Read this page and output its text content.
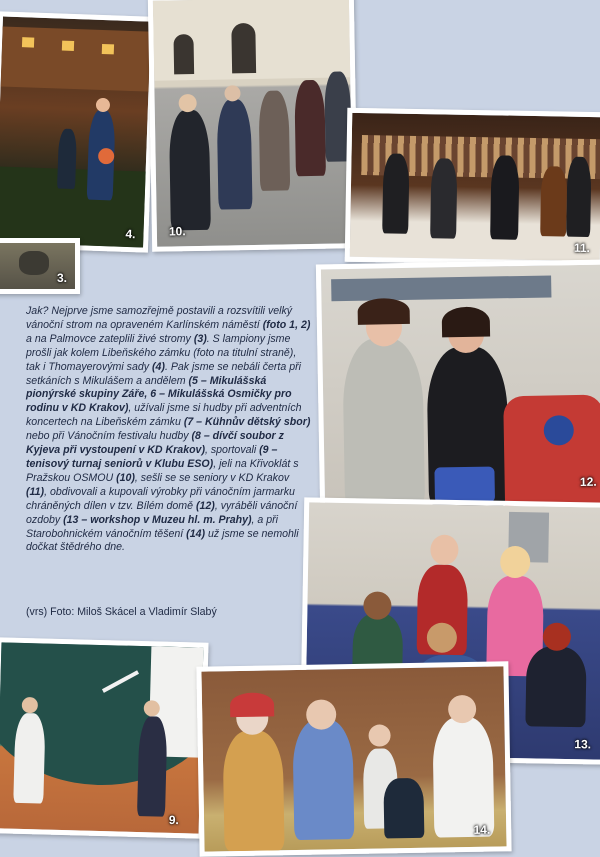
4.
3.
10.
11.
12.
13.
9.
14.

Jak? Nejprve jsme samozřejmě postavili a rozsvítili velký vánoční strom na opraveném Karlínském náměstí (foto 1, 2) a na Palmovce zateplili živé stromy (3). S lampiony jsme prošli jak kolem Libeňského zámku (foto na titulní straně), tak i Thomayerovými sady (4). Pak jsme se nebáli čerta při setkáních s Mikulášem a andělem (5 – Mikulášská pionýrské skupiny Záře, 6 – Mikulášská Osmičky pro rodinu v KD Krakov), užívali jsme si hudby při adventních koncertech na Libeňském zámku (7 – Kühnův dětský sbor) nebo při Vánočním festivalu hudby (8 – dívčí soubor z Kyjeva při vystoupení v KD Krakov), sportovali (9 – tenisový turnaj seniorů v Klubu ESO), jeli na Křivoklát s Pražskou OSMOU (10), sešli se se seniory v KD Krakov (11), obdivovali a kupovali výrobky při vánočním jarmarku chráněných dílen v tzv. Bílém domě (12), vyráběli vánoční ozdoby (13 – workshop v Muzeu hl. m. Prahy), a při Starobohnickém vánočním těšení (14) už jsme se nemohli dočkat štědrého dne.

(vrs) Foto: Miloš Skácel a Vladimír Slabý
